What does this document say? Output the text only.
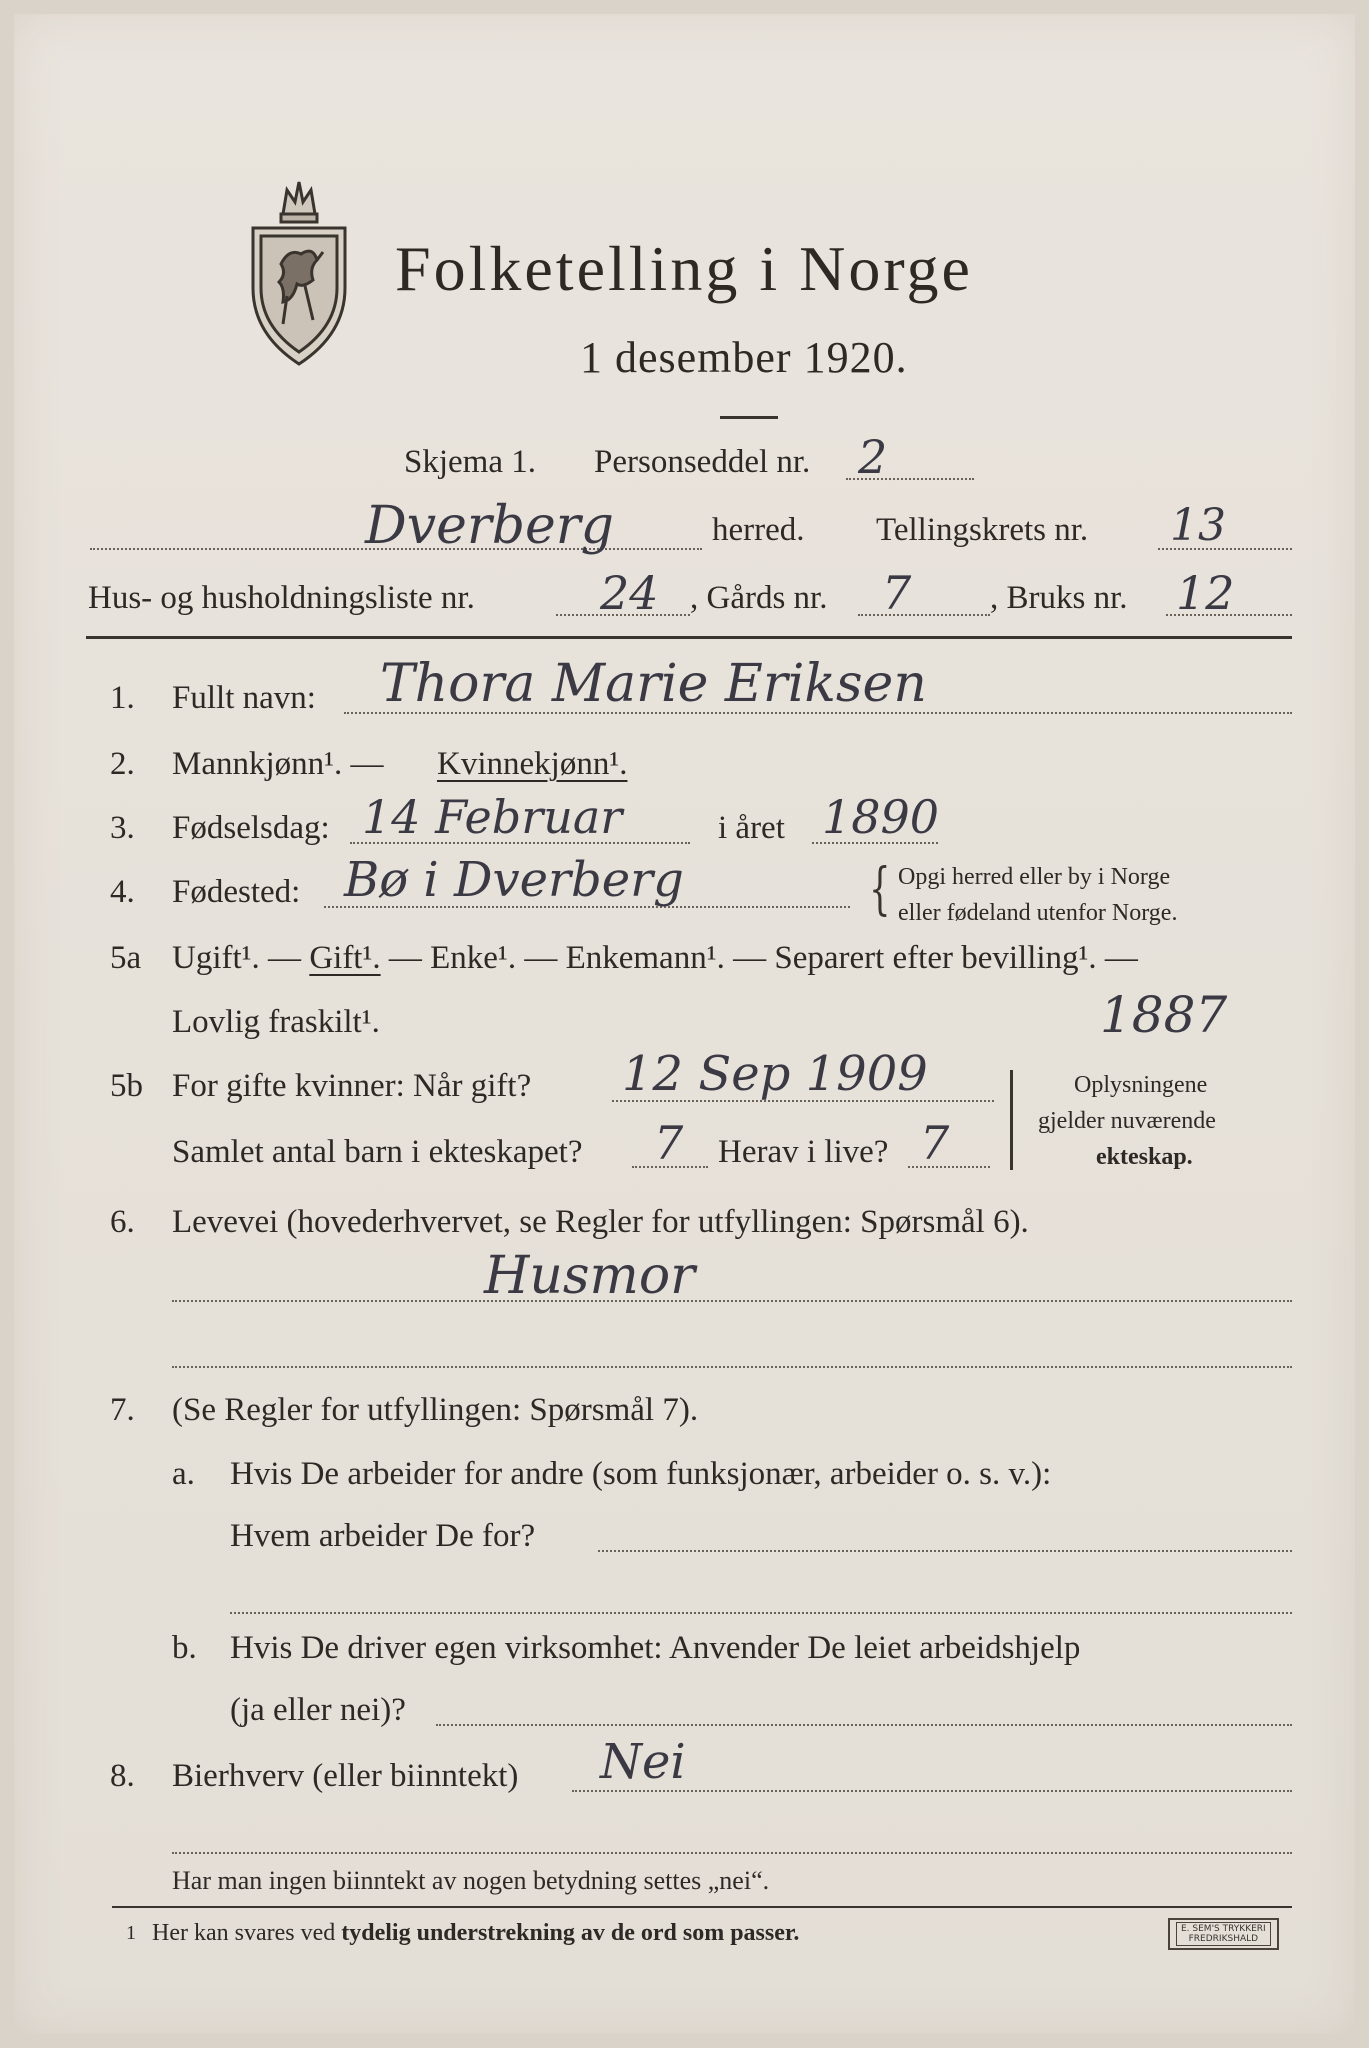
Folketelling i Norge
1 desember 1920.
Skjema 1. Personseddel nr. 2
Dverberg	herred. Tellingskrets nr. 13
Hus- og husholdningsliste nr.	24 , Gårds nr. 7 , Bruks nr. 12
1. Fullt navn: Thora Marie Eriksen
2. Mannkjønn¹. — Kvinnekjønn¹.
3. Fødselsdag: 14 Februar	i året 1890
4. Fødested: Bø i Dverberg	{ Opgi herred eller by i Norge
eller fødeland utenfor Norge.
5a Ugift¹. — Gift¹. — Enke¹. — Enkemann¹. — Separert efter bevilling¹. —
Lovlig fraskilt¹.	1887
5b For gifte kvinner: Når gift? 12 Sep 1909
Samlet antal barn i ekteskapet? 7 Herav i live? 7
Oplysningene
gjelder nuværende
ekteskap.
6. Levevei (hovederhvervet, se Regler for utfyllingen: Spørsmål 6).
Husmor
7. (Se Regler for utfyllingen: Spørsmål 7).
a. Hvis De arbeider for andre (som funksjonær, arbeider o. s. v.):
Hvem arbeider De for?
b. Hvis De driver egen virksomhet: Anvender De leiet arbeidshjelp
(ja eller nei)?
8. Bierhverv (eller biinntekt) Nei
Har man ingen biinntekt av nogen betydning settes „nei“.
1 Her kan svares ved tydelig understrekning av de ord som passer.	E. SEM'S TRYKKERI
FREDRIKSHALD
